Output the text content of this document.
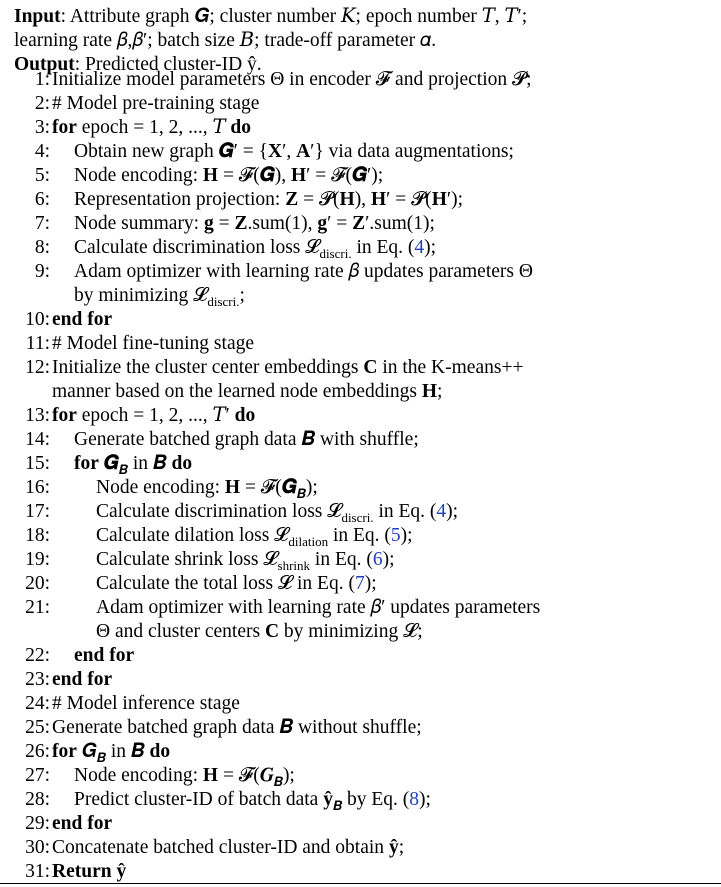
Input: Attribute graph 𝑮; cluster number 𝐾; epoch number 𝑇, 𝑇′;
learning rate 𝛽,𝛽′; batch size 𝐵; trade-off parameter 𝛼.
Output: Predicted cluster-ID ŷ.
1: Initialize model parameters Θ in encoder 𝓕 and projection 𝓟;
2: # Model pre-training stage
3: for epoch = 1, 2, ..., 𝑇 do
4: Obtain new graph 𝑮′ = {X′, A′} via data augmentations;
5: Node encoding: H = 𝓕(𝑮), H′ = 𝓕(𝑮′);
6: Representation projection: Z = 𝓟(H), H′ = 𝓟(H′);
7: Node summary: g = Z.sum(1), g′ = Z′.sum(1);
8: Calculate discrimination loss 𝓛$_{discri.}$ in Eq. (4);
9: Adam optimizer with learning rate 𝛽 updates parameters Θ
by minimizing 𝓛$_{discri.}$;
10: end for
11: # Model fine-tuning stage
12: Initialize the cluster center embeddings C in the K-means++
manner based on the learned node embeddings H;
13: for epoch = 1, 2, ..., 𝑇′ do
14: Generate batched graph data 𝑩 with shuffle;
15: for 𝑮$_𝑩$ in 𝑩 do
16: Node encoding: H = 𝓕(𝑮$_𝑩$);
17: Calculate discrimination loss 𝓛$_{discri.}$ in Eq. (4);
18: Calculate dilation loss 𝓛$_{dilation}$ in Eq. (5);
19: Calculate shrink loss 𝓛$_{shrink}$ in Eq. (6);
20: Calculate the total loss 𝓛 in Eq. (7);
21: Adam optimizer with learning rate 𝛽′ updates parameters
Θ and cluster centers C by minimizing 𝓛;
22: end for
23: end for
24: # Model inference stage
25: Generate batched graph data 𝑩 without shuffle;
26: for 𝑮$_𝑩$ in 𝑩 do
27: Node encoding: H = 𝓕(𝑮$_𝑩$);
28: Predict cluster-ID of batch data $ŷ_𝑩$ by Eq. (8);
29: end for
30: Concatenate batched cluster-ID and obtain ŷ;
31: Return ŷ
